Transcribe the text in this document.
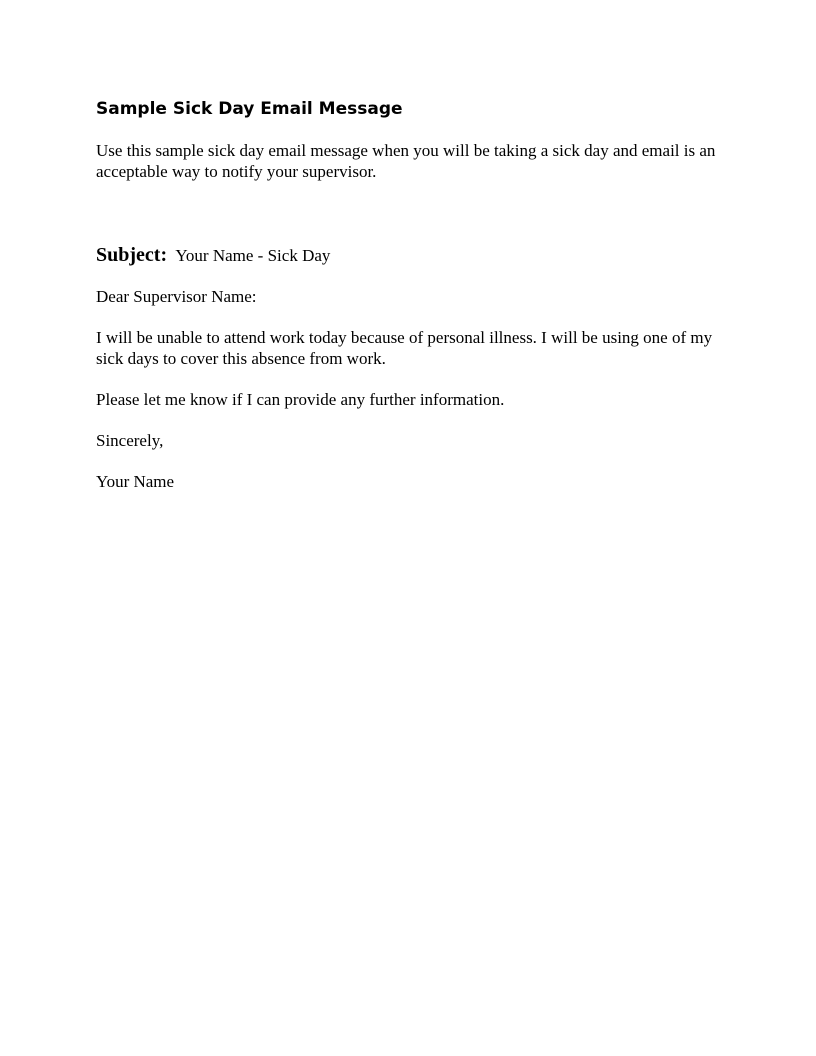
Sample Sick Day Email Message

Use this sample sick day email message when you will be taking a sick day and email is an acceptable way to notify your supervisor.

Subject: Your Name - Sick Day

Dear Supervisor Name:

I will be unable to attend work today because of personal illness. I will be using one of my sick days to cover this absence from work.

Please let me know if I can provide any further information.

Sincerely,

Your Name
